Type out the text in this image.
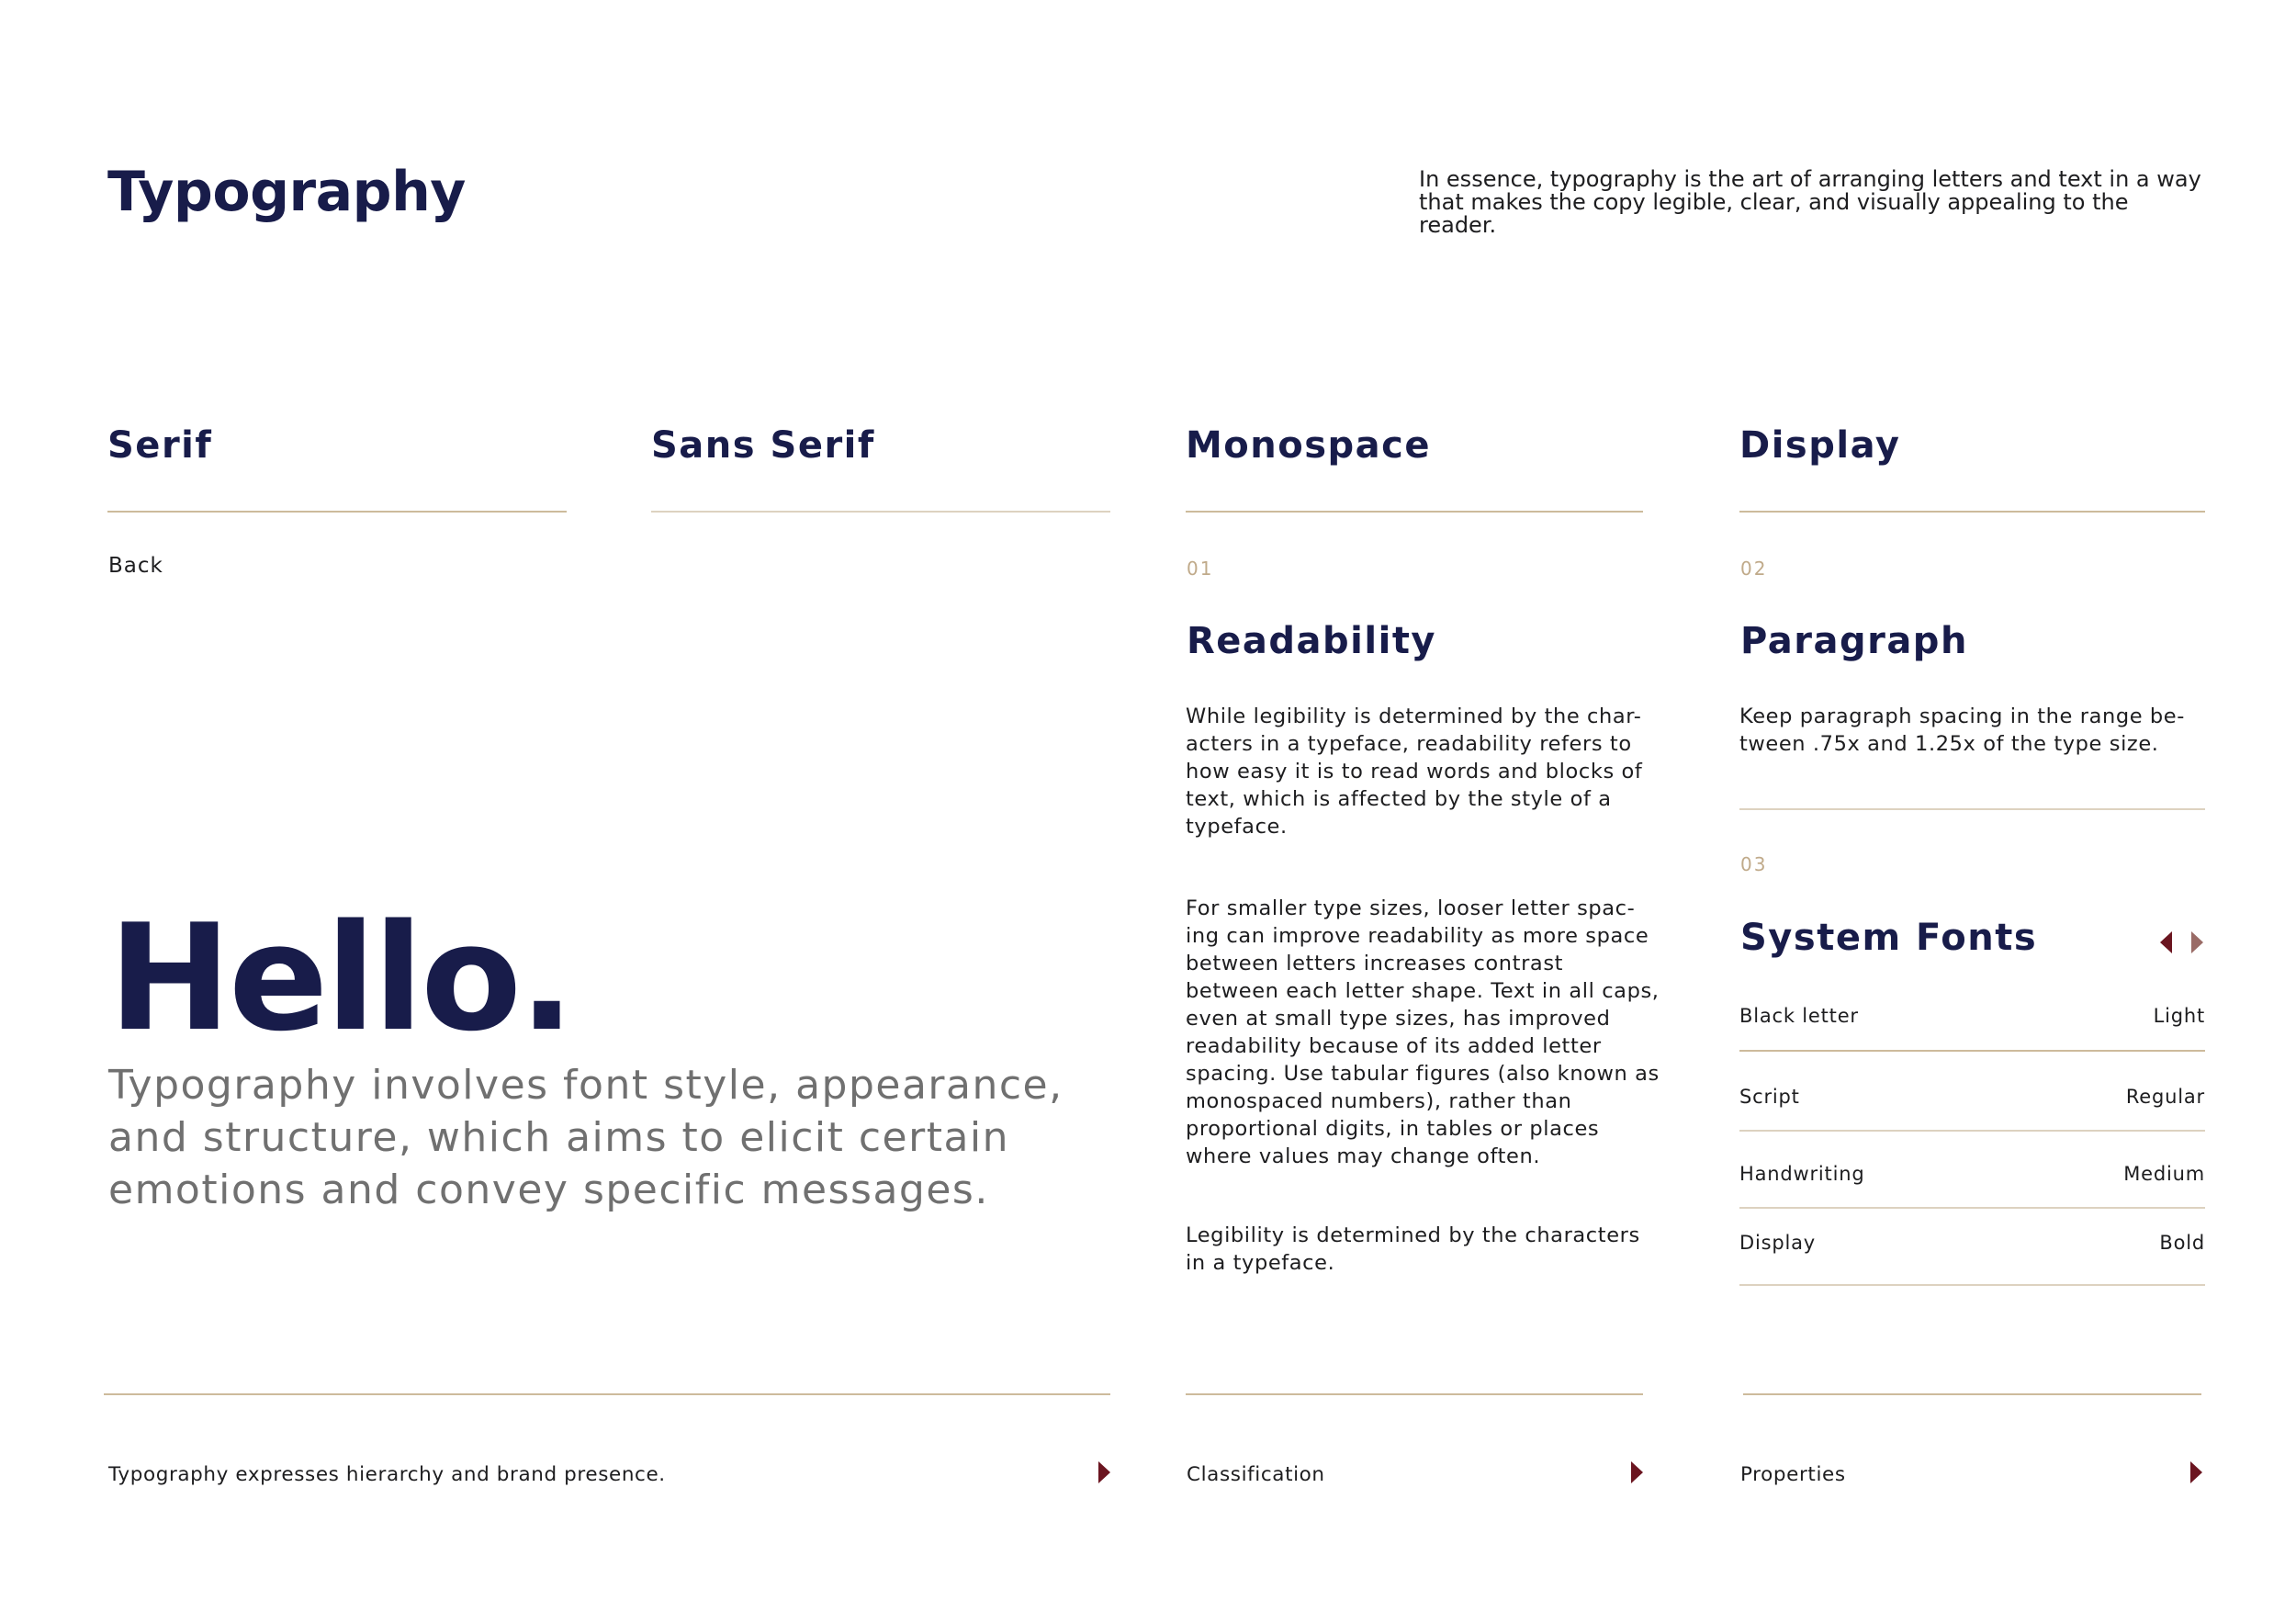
Typography	In essence, typography is the art of arranging letters and text in a way that makes the copy legible, clear, and visually appealing to the reader.
Serif	Sans Serif	Monospace	Display
Back	01
Readability
While legibility is determined by the char-acters in a typeface, readability refers to how easy it is to read words and blocks of text, which is affected by the style of a typeface.
For smaller type sizes, looser letter spac-ing can improve readability as more space between letters increases contrast between each letter shape. Text in all caps, even at small type sizes, has improved readability because of its added letter spacing. Use tabular figures (also known as monospaced numbers), rather than proportional digits, in tables or places where values may change often.
Legibility is determined by the characters in a typeface.
02
Paragraph
Keep paragraph spacing in the range be-tween .75x and 1.25x of the type size.
03
System Fonts
Black letter	Light
Script	Regular
Handwriting	Medium
Display	Bold
Hello.
Typography involves font style, appearance, and structure, which aims to elicit certain emotions and convey specific messages.
Typography expresses hierarchy and brand presence.	Classification	Properties
